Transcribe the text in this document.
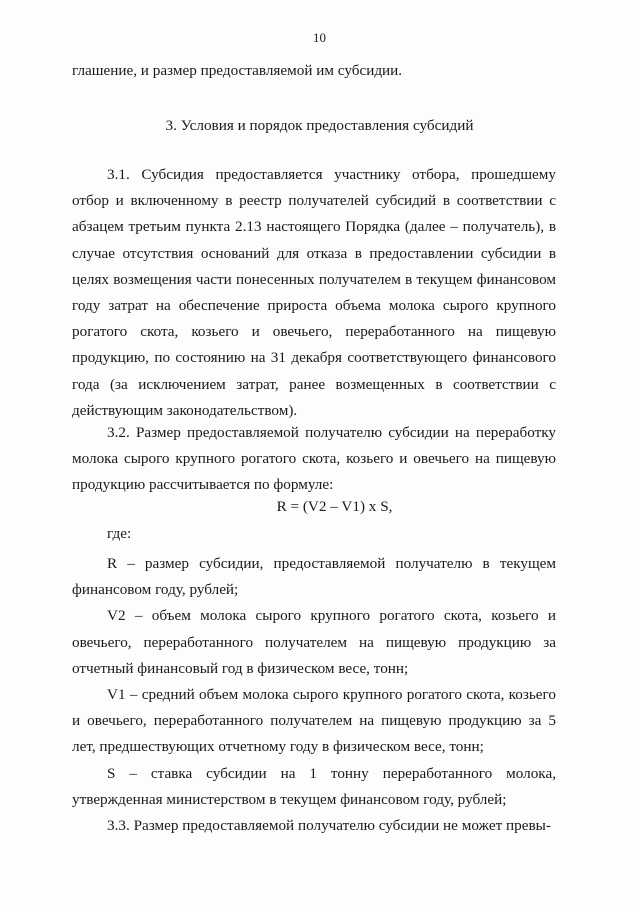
10
глашение, и размер предоставляемой им субсидии.
3. Условия и порядок предоставления субсидий

3.1. Субсидия предоставляется участнику отбора, прошедшему отбор и включенному в реестр получателей субсидий в соответствии с абзацем третьим пункта 2.13 настоящего Порядка (далее – получатель), в случае отсутствия оснований для отказа в предоставлении субсидии в целях возмещения части понесенных получателем в текущем финансовом году затрат на обеспечение прироста объема молока сырого крупного рогатого скота, козьего и овечьего, переработанного на пищевую продукцию, по состоянию на 31 декабря соответствующего финансового года (за исключением затрат, ранее возмещенных в соответствии с действующим законодательством).

3.2. Размер предоставляемой получателю субсидии на переработку молока сырого крупного рогатого скота, козьего и овечьего на пищевую продукцию рассчитывается по формуле:

R = (V2 – V1) x S,
где:

R – размер субсидии, предоставляемой получателю в текущем финансовом году, рублей;

V2 – объем молока сырого крупного рогатого скота, козьего и овечьего, переработанного получателем на пищевую продукцию за отчетный финансовый год в физическом весе, тонн;

V1 – средний объем молока сырого крупного рогатого скота, козьего и овечьего, переработанного получателем на пищевую продукцию за 5 лет, предшествующих отчетному году в физическом весе, тонн;

S – ставка субсидии на 1 тонну переработанного молока, утвержденная министерством в текущем финансовом году, рублей;

3.3. Размер предоставляемой получателю субсидии не может превы-
